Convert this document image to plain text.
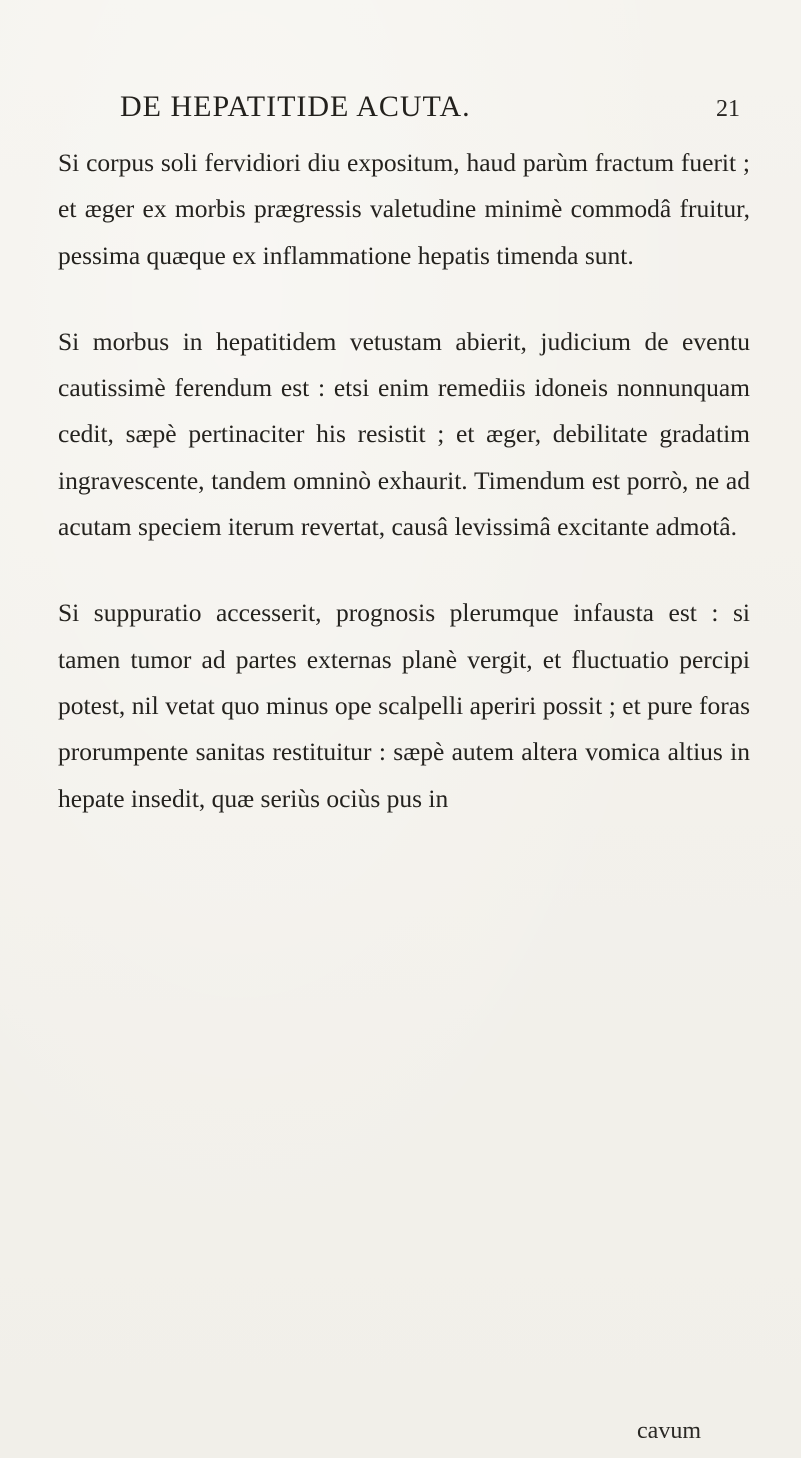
DE HEPATITIDE ACUTA.	21

Si corpus soli fervidiori diu expositum, haud parùm fractum fuerit ; et æger ex morbis prægressis valetudine minimè commodâ fruitur, pessima quæque ex inflammatione hepatis timenda sunt.

Si morbus in hepatitidem vetustam abierit, judicium de eventu cautissimè ferendum est : etsi enim remediis idoneis nonnunquam cedit, sæpè pertinaciter his resistit ; et æger, debilitate gradatim ingravescente, tandem omninò exhaurit. Timendum est porrò, ne ad acutam speciem iterum revertat, causâ levissimâ excitante admotâ.

Si suppuratio accesserit, prognosis plerumque infausta est : si tamen tumor ad partes externas planè vergit, et fluctuatio percipi potest, nil vetat quo minus ope scalpelli aperiri possit ; et pure foras prorumpente sanitas restituitur : sæpè autem altera vomica altius in hepate insedit, quæ seriùs ociùs pus in

cavum
